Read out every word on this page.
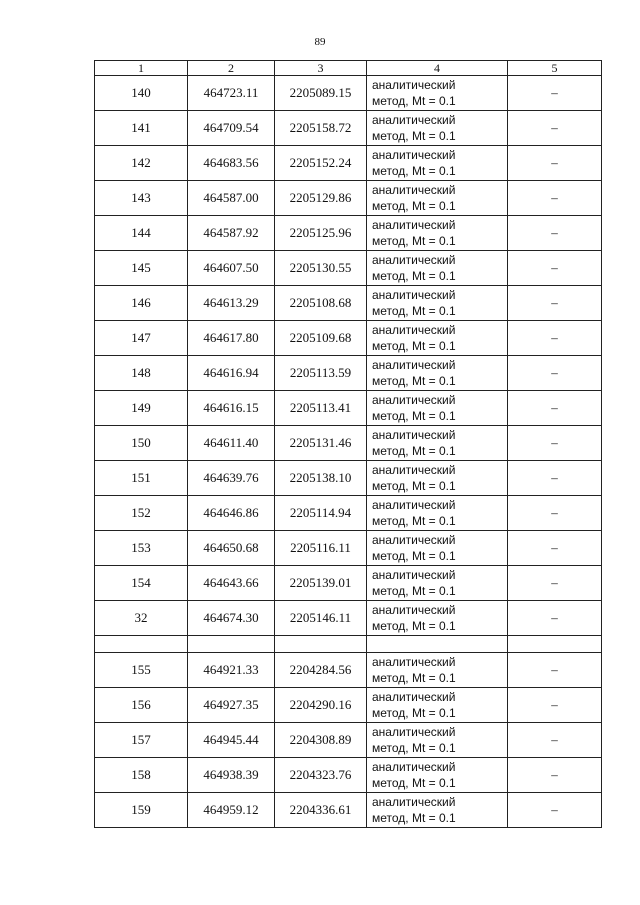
89
1	2	3	4	5
140	464723.11	2205089.15	аналитический
метод, Mt = 0.1	–
141	464709.54	2205158.72	аналитический
метод, Mt = 0.1	–
142	464683.56	2205152.24	аналитический
метод, Mt = 0.1	–
143	464587.00	2205129.86	аналитический
метод, Mt = 0.1	–
144	464587.92	2205125.96	аналитический
метод, Mt = 0.1	–
145	464607.50	2205130.55	аналитический
метод, Mt = 0.1	–
146	464613.29	2205108.68	аналитический
метод, Mt = 0.1	–
147	464617.80	2205109.68	аналитический
метод, Mt = 0.1	–
148	464616.94	2205113.59	аналитический
метод, Mt = 0.1	–
149	464616.15	2205113.41	аналитический
метод, Mt = 0.1	–
150	464611.40	2205131.46	аналитический
метод, Mt = 0.1	–
151	464639.76	2205138.10	аналитический
метод, Mt = 0.1	–
152	464646.86	2205114.94	аналитический
метод, Mt = 0.1	–
153	464650.68	2205116.11	аналитический
метод, Mt = 0.1	–
154	464643.66	2205139.01	аналитический
метод, Mt = 0.1	–
32	464674.30	2205146.11	аналитический
метод, Mt = 0.1	–

155	464921.33	2204284.56	аналитический
метод, Mt = 0.1	–
156	464927.35	2204290.16	аналитический
метод, Mt = 0.1	–
157	464945.44	2204308.89	аналитический
метод, Mt = 0.1	–
158	464938.39	2204323.76	аналитический
метод, Mt = 0.1	–
159	464959.12	2204336.61	аналитический
метод, Mt = 0.1	–
